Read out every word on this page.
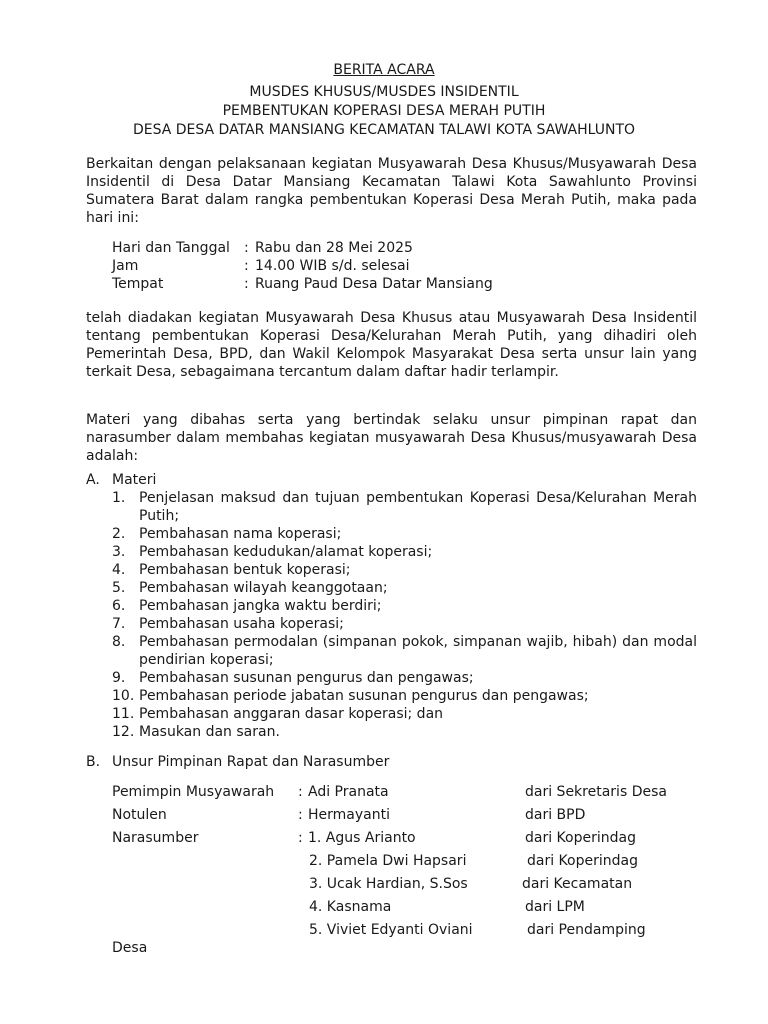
BERITA ACARA
MUSDES KHUSUS/MUSDES INSIDENTIL
PEMBENTUKAN KOPERASI DESA MERAH PUTIH
DESA DESA DATAR MANSIANG KECAMATAN TALAWI KOTA SAWAHLUNTO
Berkaitan dengan pelaksanaan kegiatan Musyawarah Desa Khusus/Musyawarah Desa Insidentil di Desa Datar Mansiang Kecamatan Talawi Kota Sawahlunto Provinsi Sumatera Barat dalam rangka pembentukan Koperasi Desa Merah Putih, maka pada hari ini:
Hari dan Tanggal : Rabu dan 28 Mei 2025
Jam	: 14.00 WIB s/d. selesai
Tempat	: Ruang Paud Desa Datar Mansiang
telah diadakan kegiatan Musyawarah Desa Khusus atau Musyawarah Desa Insidentil tentang pembentukan Koperasi Desa/Kelurahan Merah Putih, yang dihadiri oleh Pemerintah Desa, BPD, dan Wakil Kelompok Masyarakat Desa serta unsur lain yang terkait Desa, sebagaimana tercantum dalam daftar hadir terlampir.
Materi yang dibahas serta yang bertindak selaku unsur pimpinan rapat dan narasumber dalam membahas kegiatan musyawarah Desa Khusus/musyawarah Desa adalah:
A. Materi
1. Penjelasan maksud dan tujuan pembentukan Koperasi Desa/Kelurahan Merah Putih;
2. Pembahasan nama koperasi;
3. Pembahasan kedudukan/alamat koperasi;
4. Pembahasan bentuk koperasi;
5. Pembahasan wilayah keanggotaan;
6. Pembahasan jangka waktu berdiri;
7. Pembahasan usaha koperasi;
8. Pembahasan permodalan (simpanan pokok, simpanan wajib, hibah) dan modal pendirian koperasi;
9. Pembahasan susunan pengurus dan pengawas;
10. Pembahasan periode jabatan susunan pengurus dan pengawas;
11. Pembahasan anggaran dasar koperasi; dan
12. Masukan dan saran.
B. Unsur Pimpinan Rapat dan Narasumber
Pemimpin Musyawarah : Adi Pranata	dari Sekretaris Desa
Notulen	: Hermayanti	dari BPD
Narasumber	: 1. Agus Arianto	dari Koperindag
2. Pamela Dwi Hapsari	dari Koperindag
3. Ucak Hardian, S.Sos	dari Kecamatan
4. Kasnama	dari LPM
5. Viviet Edyanti Oviani	dari Pendamping
Desa
